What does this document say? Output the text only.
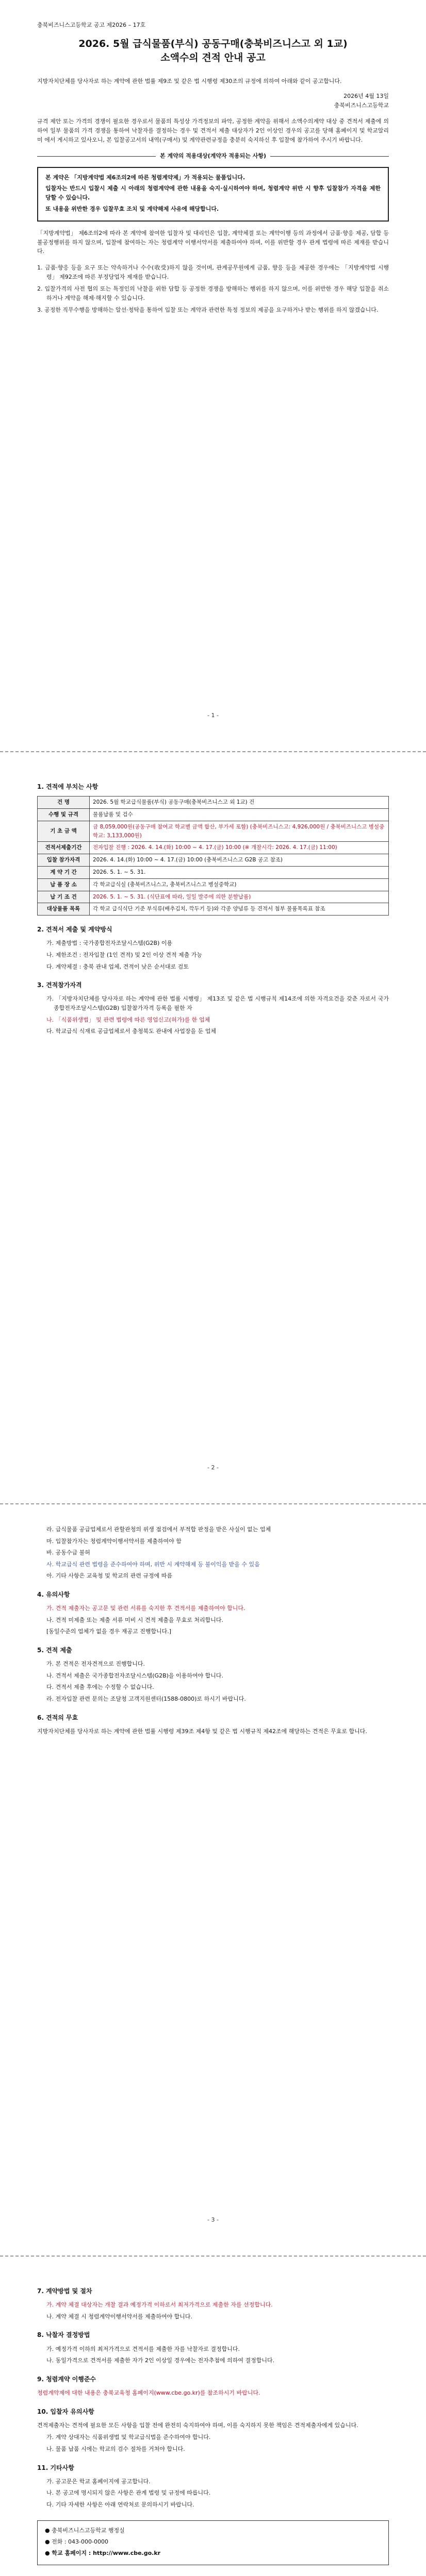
충북비즈니스고등학교 공고 제2026 – 17호
2026. 5월 급식물품(부식) 공동구매(충북비즈니스고 외 1교)
소액수의 견적 안내 공고

지방자치단체를 당사자로 하는 계약에 관한 법률 제9조 및 같은 법 시행령 제30조의 규정에 의하여 아래와 같이 공고합니다.

2026년 4월 13일
충북비즈니스고등학교

규격 제안 또는 가격의 경쟁이 필요한 경우로서 물품의 특성상 가격정보의 파악, 공정한 계약을 위해서 소액수의계약 대상 중 견적서 제출에 의하여 일부 물품의 가격 경쟁을 통하여 낙찰자를 결정하는 경우 및 견적서 제출 대상자가 2인 이상인 경우의 공고를 당해 홈페이지 및 학교알리미 에서 게시하고 있사오니, 본 입찰공고서의 내역(구매서) 및 계약관련규정을 충분히 숙지하신 후 입찰에 참가하여 주시기 바랍니다.

본 계약의 적용대상(계약자 적용되는 사항)

본 계약은 「지방계약법 제6조의2에 따른 청렴계약제」가 적용되는 물품입니다.

입찰자는 반드시 입찰시 제출 시 아래의 청렴계약에 관한 내용을 숙지·실시하여야 하며, 청렴계약 위반 시 향후 입찰참가 자격을 제한 당할 수 있습니다.

또 내용을 위반한 경우 입찰무효 조치 및 계약해제 사유에 해당합니다.

「지방계약법」 제6조의2에 따라 본 계약에 참여한 입찰자 및 대리인은 입찰, 계약체결 또는 계약이행 등의 과정에서 금품·향응 제공, 담합 등 불공정행위를 하지 않으며, 입찰에 참여하는 자는 청렴계약 이행서약서를 제출하여야 하며, 이를 위반할 경우 관계 법령에 따른 제재를 받습니다.

1. 금품·향응 등을 요구 또는 약속하거나 수수(收受)하지 않을 것이며, 관계공무원에게 금품, 향응 등을 제공한 경우에는 「지방계약법 시행령」 제92조에 따른 부정당업자 제재를 받습니다.
2. 입찰가격의 사전 협의 또는 특정인의 낙찰을 위한 담합 등 공정한 경쟁을 방해하는 행위를 하지 않으며, 이를 위반한 경우 해당 입찰을 취소하거나 계약을 해제·해지할 수 있습니다.
3. 공정한 직무수행을 방해하는 알선·청탁을 통하여 입찰 또는 계약과 관련한 특정 정보의 제공을 요구하거나 받는 행위를 하지 않겠습니다.
- 1 -
1. 견적에 부치는 사항
건 명	2026. 5월 학교급식물품(부식) 공동구매(충북비즈니스고 외 1교) 건
수행 및 규격	물품납품 및 검수
기 초 금 액	금 8,059,000원(공동구매 참여교 학교별 금액 합산, 부가세 포함) (충북비즈니스고: 4,926,000원 / 충북비즈니스고 병설중학교: 3,133,000원)
견적서제출기간	전자입찰 진행 : 2026. 4. 14.(화) 10:00 ~ 4. 17.(금) 10:00 (※ 개찰시각: 2026. 4. 17.(금) 11:00)
입찰 참가자격	2026. 4. 14.(화) 10:00 ~ 4. 17.(금) 10:00 (충북비즈니스고 G2B 공고 참조)
계 약 기 간	2026. 5. 1. ~ 5. 31.
납 품 장 소	각 학교급식실 (충북비즈니스고, 충북비즈니스고 병설중학교)
납 기 조 건	2026. 5. 1. ~ 5. 31. (식단표에 따라, 일일 발주에 의한 분할납품)
대상물품 목록	각 학교 급식식단 기준 부식류(배추김치, 깍두기 등)와 각종 양념류 등 견적서 첨부 물품목록표 참조
2. 견적서 제출 및 계약방식
가. 제출방법 : 국가종합전자조달시스템(G2B) 이용
나. 제한조건 : 전자입찰 (1인 견적) 및 2인 이상 견적 제출 가능
다. 계약체결 : 충북 관내 업체, 견적이 낮은 순서대로 검토
3. 견적참가자격
가. 「지방자치단체를 당사자로 하는 계약에 관한 법률 시행령」 제13조 및 같은 법 시행규칙 제14조에 의한 자격요건을 갖춘 자로서 국가종합전자조달시스템(G2B) 입찰참가자격 등록을 필한 자
나. 「식품위생법」 및 관련 법령에 따른 영업신고(허가)를 한 업체
다. 학교급식 식재료 공급업체로서 충청북도 관내에 사업장을 둔 업체
- 2 -
라. 급식물품 공급업체로서 관할관청의 위생 점검에서 부적합 판정을 받은 사실이 없는 업체
마. 입찰참가자는 청렴계약이행서약서를 제출하여야 함
바. 공동수급 불허
사. 학교급식 관련 법령을 준수하여야 하며, 위반 시 계약해제 등 불이익을 받을 수 있음
아. 기타 사항은 교육청 및 학교의 관련 규정에 따름
4. 유의사항
가. 견적 제출자는 공고문 및 관련 서류를 숙지한 후 견적서를 제출하여야 합니다.
나. 견적 미제출 또는 제출 서류 미비 시 견적 제출을 무효로 처리합니다.
[동일수준의 업체가 없을 경우 재공고 진행합니다.]
5. 견적 제출
가. 본 견적은 전자견적으로 진행합니다.
나. 견적서 제출은 국가종합전자조달시스템(G2B)을 이용하여야 합니다.
다. 견적서 제출 후에는 수정할 수 없습니다.
라. 전자입찰 관련 문의는 조달청 고객지원센터(1588-0800)로 하시기 바랍니다.
6. 견적의 무효

지방자치단체를 당사자로 하는 계약에 관한 법률 시행령 제39조 제4항 및 같은 법 시행규칙 제42조에 해당하는 견적은 무효로 합니다.

- 3 -
7. 계약방법 및 절차
가. 계약 체결 대상자는 개찰 결과 예정가격 이하로서 최저가격으로 제출한 자를 선정합니다.
나. 계약 체결 시 청렴계약이행서약서를 제출하여야 합니다.
8. 낙찰자 결정방법
가. 예정가격 이하의 최저가격으로 견적서를 제출한 자를 낙찰자로 결정합니다.
나. 동일가격으로 견적서를 제출한 자가 2인 이상일 경우에는 전자추첨에 의하여 결정합니다.
9. 청렴계약 이행준수

청렴계약제에 대한 내용은 충북교육청 홈페이지(www.cbe.go.kr)를 참조하시기 바랍니다.

10. 입찰자 유의사항

견적제출자는 견적에 필요한 모든 사항을 입찰 전에 완전히 숙지하여야 하며, 이를 숙지하지 못한 책임은 견적제출자에게 있습니다.

가. 계약 상대자는 식품위생법 및 학교급식법을 준수하여야 합니다.
나. 물품 납품 시에는 학교의 검수 절차를 거쳐야 합니다.
11. 기타사항
가. 공고문은 학교 홈페이지에 공고합니다.
나. 본 공고에 명시되지 않은 사항은 관계 법령 및 규정에 따릅니다.
다. 기타 자세한 사항은 아래 연락처로 문의하시기 바랍니다.

● 충북비즈니스고등학교 행정실

● 전화 : 043-000-0000

● 학교 홈페이지 : http://www.cbe.go.kr
